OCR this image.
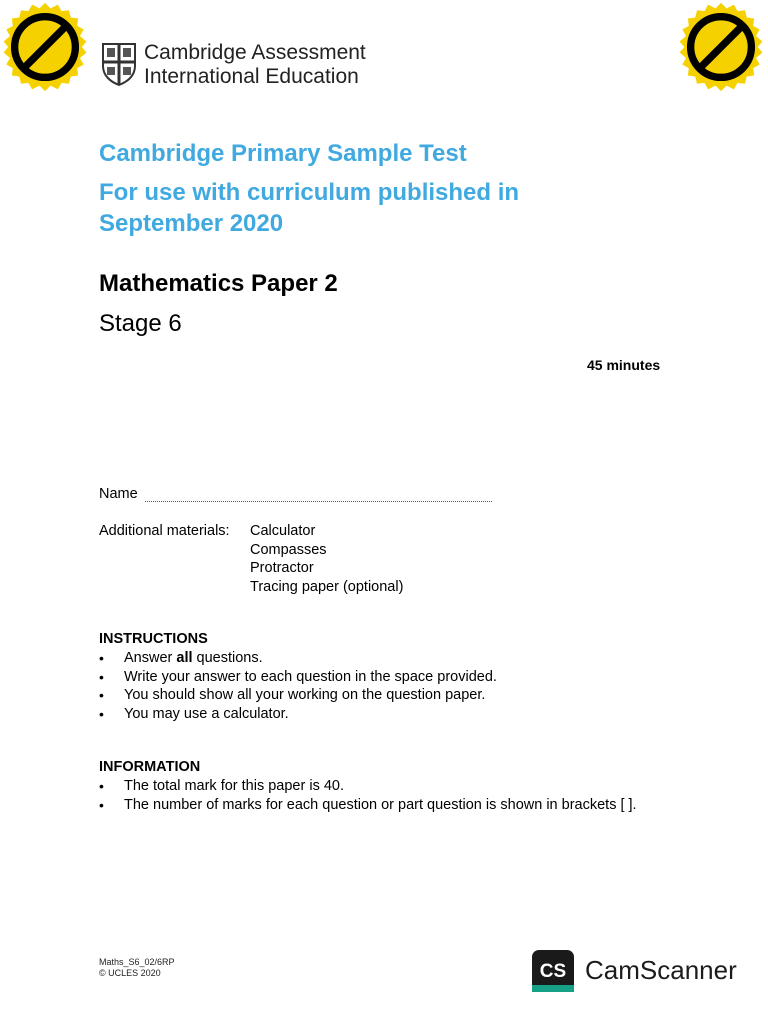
Cambridge Assessment
International Education
Cambridge Primary Sample Test
For use with curriculum published in
September 2020
Mathematics Paper 2
Stage 6
45 minutes
Name
Additional materials: Calculator
Compasses
Protractor
Tracing paper (optional)
INSTRUCTIONS
• Answer all questions.
• Write your answer to each question in the space provided.
• You should show all your working on the question paper.
• You may use a calculator.
INFORMATION
• The total mark for this paper is 40.
• The number of marks for each question or part question is shown in brackets [ ].
Maths_S6_02/6RP
© UCLES 2020	CS CamScanner
